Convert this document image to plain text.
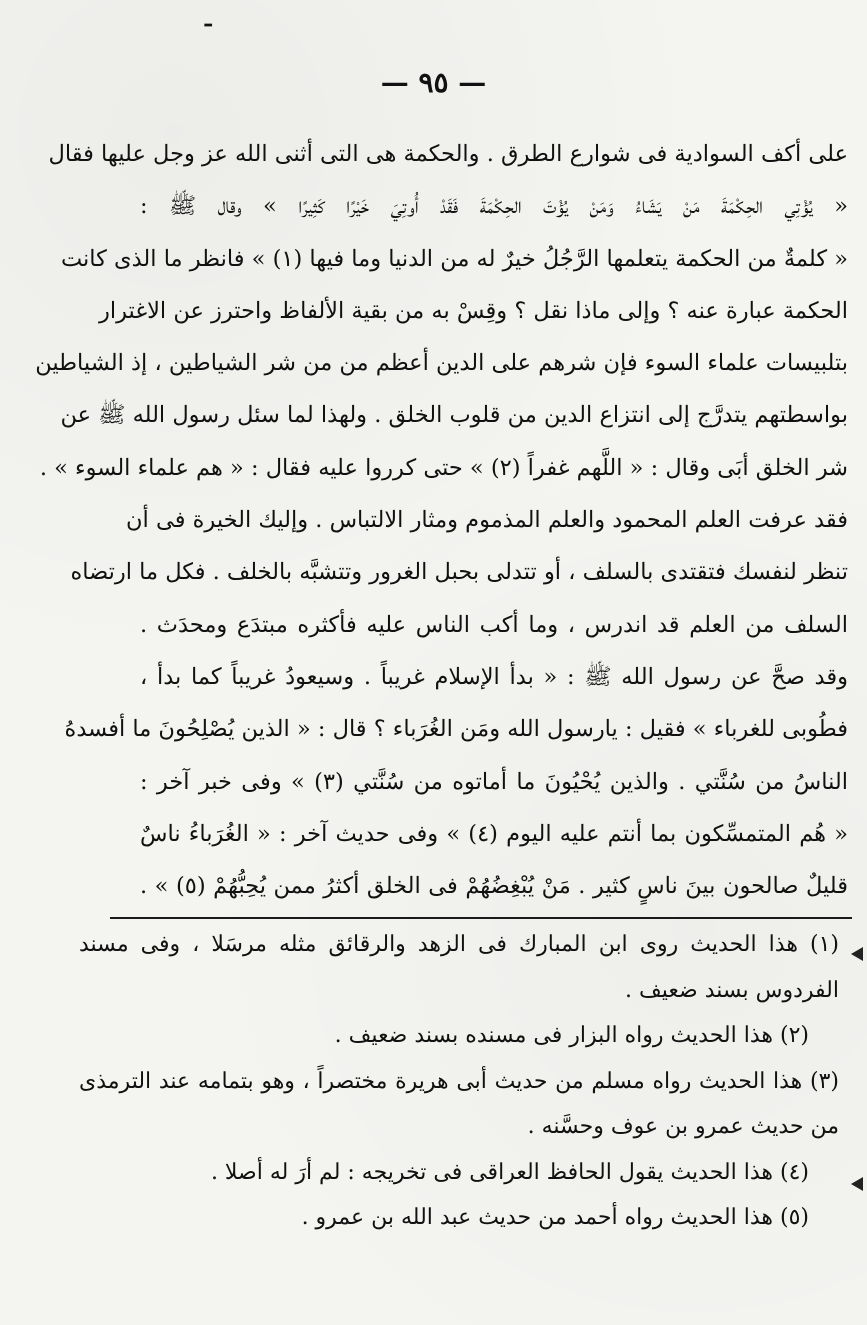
ـ
— ٩٥ —
على أكف السوادية فى شوارع الطرق . والحكمة هى التى أثنى الله عز وجل عليها فقال
« يُؤْتِي الحِكْمَةَ مَنْ يَشَاءُ وَمَنْ يُؤْتَ الحِكْمَةَ فَقَدْ أُوتِيَ خَيْرًا كَثِيرًا » وقال ﷺ :
« كلمةٌ من الحكمة يتعلمها الرَّجُلُ خيرٌ له من الدنيا وما فيها (١) » فانظر ما الذى كانت
الحكمة عبارة عنه ؟ وإلى ماذا نقل ؟ وقِسْ به من بقية الألفاظ واحترز عن الاغترار
بتلبيسات علماء السوء فإن شرهم على الدين أعظم من من شر الشياطين ، إذ الشياطين
بواسطتهم يتدرَّج إلى انتزاع الدين من قلوب الخلق . ولهذا لما سئل رسول الله ﷺ عن
شر الخلق أبَى وقال : « اللَّهم غفراً (٢) » حتى كرروا عليه فقال : « هم علماء السوء » .
فقد عرفت العلم المحمود والعلم المذموم ومثار الالتباس . وإليك الخيرة فى أن
تنظر لنفسك فتقتدى بالسلف ، أو تتدلى بحبل الغرور وتتشبَّه بالخلف . فكل ما ارتضاه
السلف من العلم قد اندرس ، وما أكب الناس عليه فأكثره مبتدَع ومحدَث .
وقد صحَّ عن رسول الله ﷺ : « بدأ الإسلام غريباً . وسيعودُ غريباً كما بدأ ،
فطُوبى للغرباء » فقيل : يارسول الله ومَن الغُرَباء ؟ قال : « الذين يُصْلِحُونَ ما أفسدهُ
الناسُ من سُنَّتي . والذين يُحْيُونَ ما أماتوه من سُنَّتي (٣) » وفى خبر آخر :
« هُم المتمسِّكون بما أنتم عليه اليوم (٤) » وفى حديث آخر : « الغُرَباءُ ناسٌ
قليلٌ صالحون بينَ ناسٍ كثير . مَنْ يُبْغِضُهُمْ فى الخلق أكثرُ ممن يُحِبُّهُمْ (٥) » .
(١) هذا الحديث روى ابن المبارك فى الزهد والرقائق مثله مرسَلا ، وفى مسند
الفردوس بسند ضعيف .
(٢) هذا الحديث رواه البزار فى مسنده بسند ضعيف .
(٣) هذا الحديث رواه مسلم من حديث أبى هريرة مختصراً ، وهو بتمامه عند الترمذى
من حديث عمرو بن عوف وحسَّنه .
(٤) هذا الحديث يقول الحافظ العراقى فى تخريجه : لم أرَ له أصلا .
(٥) هذا الحديث رواه أحمد من حديث عبد الله بن عمرو .
